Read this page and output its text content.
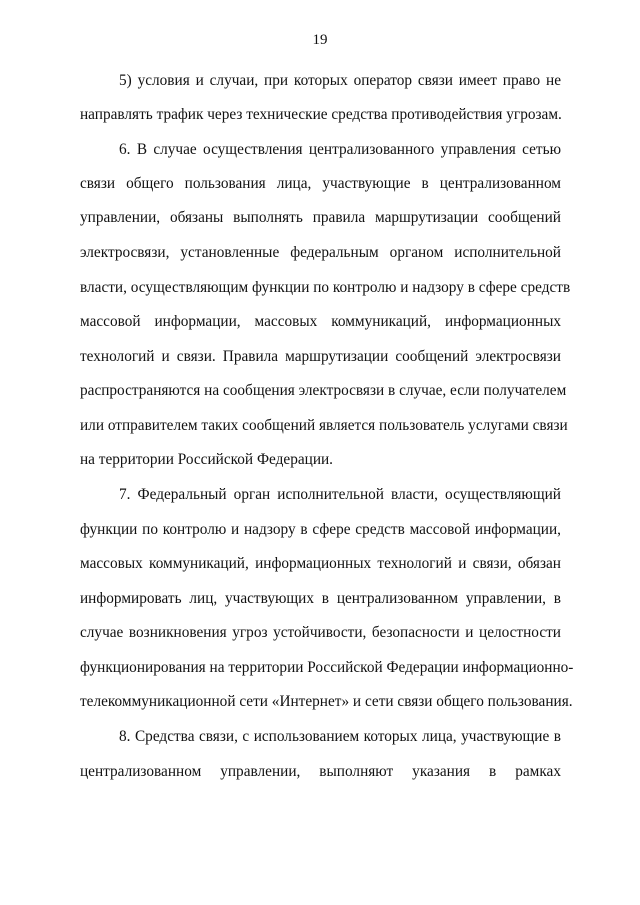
19
5) условия и случаи, при которых оператор связи имеет право не
направлять трафик через технические средства противодействия угрозам.
6. В случае осуществления централизованного управления сетью
связи общего пользования лица, участвующие в централизованном
управлении, обязаны выполнять правила маршрутизации сообщений
электросвязи, установленные федеральным органом исполнительной
власти, осуществляющим функции по контролю и надзору в сфере средств
массовой информации, массовых коммуникаций, информационных
технологий и связи. Правила маршрутизации сообщений электросвязи
распространяются на сообщения электросвязи в случае, если получателем
или отправителем таких сообщений является пользователь услугами связи
на территории Российской Федерации.
7. Федеральный орган исполнительной власти, осуществляющий
функции по контролю и надзору в сфере средств массовой информации,
массовых коммуникаций, информационных технологий и связи, обязан
информировать лиц, участвующих в централизованном управлении, в
случае возникновения угроз устойчивости, безопасности и целостности
функционирования на территории Российской Федерации информационно-
телекоммуникационной сети «Интернет» и сети связи общего пользования.
8. Средства связи, с использованием которых лица, участвующие в
централизованном управлении, выполняют указания в рамках
